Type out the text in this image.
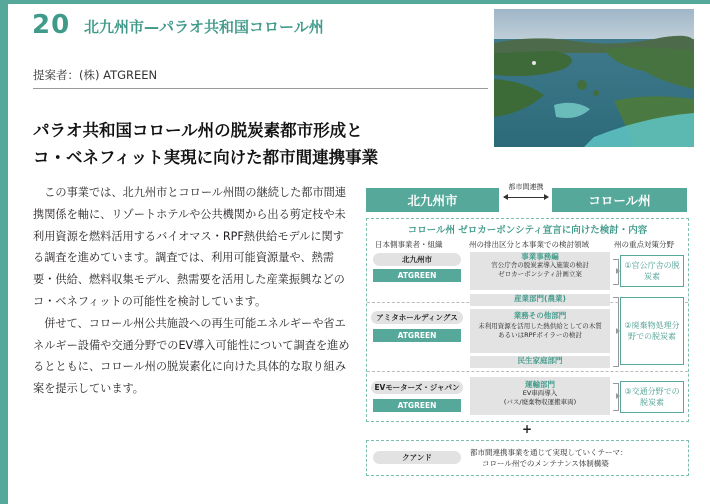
20 北九州市—パラオ共和国コロール州
提案者：(株) ATGREEN
パラオ共和国コロール州の脱炭素都市形成と
コ・ベネフィット実現に向けた都市間連携事業

この事業では、北九州市とコロール州間の継続した都市間連携関係を軸に、リゾートホテルや公共機関から出る剪定枝や未利用資源を燃料活用するバイオマス・RPF熱供給モデルに関する調査を進めています。調査では、利用可能資源量や、熱需要・供給、燃料収集モデル、熱需要を活用した産業振興などのコ・ベネフィットの可能性を検討しています。

併せて、コロール州公共施設への再生可能エネルギーや省エネルギー設備や交通分野でのEV導入可能性について調査を進めるとともに、コロール州の脱炭素化に向けた具体的な取り組み案を提示しています。

北九州市
都市間連携
コロール州
コロール州 ゼロカーボンシティ宣言に向けた検討・内容
日本側事業者・組織	州の排出区分と本事業での検討領域	州の重点対策分野
北九州市
ATGREEN
アミタホールディングス
ATGREEN
EVモーターズ・ジャパン
ATGREEN
事業事務編
官公庁舎の脱炭素導入施策の検討
ゼロカーボンシティ計画立案
産業部門(農業)
業務その他部門
未利用資源を活用した熱供給としての木質あるいはRPFボイラーの検討
民生家庭部門
運輸部門
EV車両導入
(バス/廃棄物収運搬車両)
①官公庁舎の脱炭素
②廃棄物処理分野での脱炭素
③交通分野での脱炭素
+
クアンド
都市間連携事業を通じて実現していくテーマ：
コロール州でのメンテナンス体制構築
